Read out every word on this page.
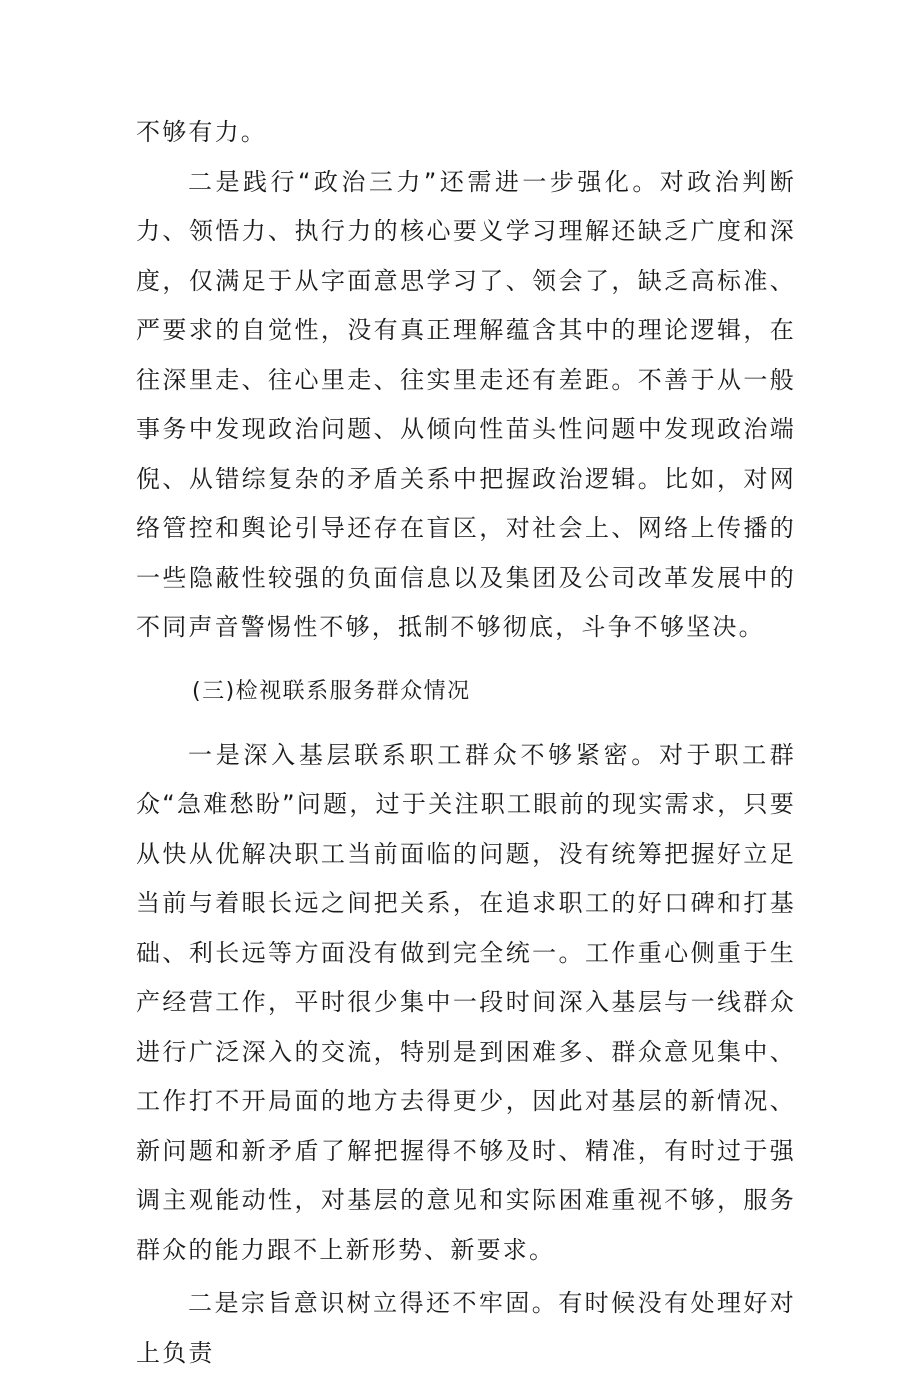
不够有力。

二是践行“政治三力”还需进一步强化。对政治判断力、领悟力、执行力的核心要义学习理解还缺乏广度和深度，仅满足于从字面意思学习了、领会了，缺乏高标准、严要求的自觉性，没有真正理解蕴含其中的理论逻辑，在往深里走、往心里走、往实里走还有差距。不善于从一般事务中发现政治问题、从倾向性苗头性问题中发现政治端倪、从错综复杂的矛盾关系中把握政治逻辑。比如，对网络管控和舆论引导还存在盲区，对社会上、网络上传播的一些隐蔽性较强的负面信息以及集团及公司改革发展中的不同声音警惕性不够，抵制不够彻底，斗争不够坚决。

(三)检视联系服务群众情况

一是深入基层联系职工群众不够紧密。对于职工群众“急难愁盼”问题，过于关注职工眼前的现实需求，只要从快从优解决职工当前面临的问题，没有统筹把握好立足当前与着眼长远之间把关系，在追求职工的好口碑和打基础、利长远等方面没有做到完全统一。工作重心侧重于生产经营工作，平时很少集中一段时间深入基层与一线群众进行广泛深入的交流，特别是到困难多、群众意见集中、工作打不开局面的地方去得更少，因此对基层的新情况、新问题和新矛盾了解把握得不够及时、精准，有时过于强调主观能动性，对基层的意见和实际困难重视不够，服务群众的能力跟不上新形势、新要求。

二是宗旨意识树立得还不牢固。有时候没有处理好对上负责
